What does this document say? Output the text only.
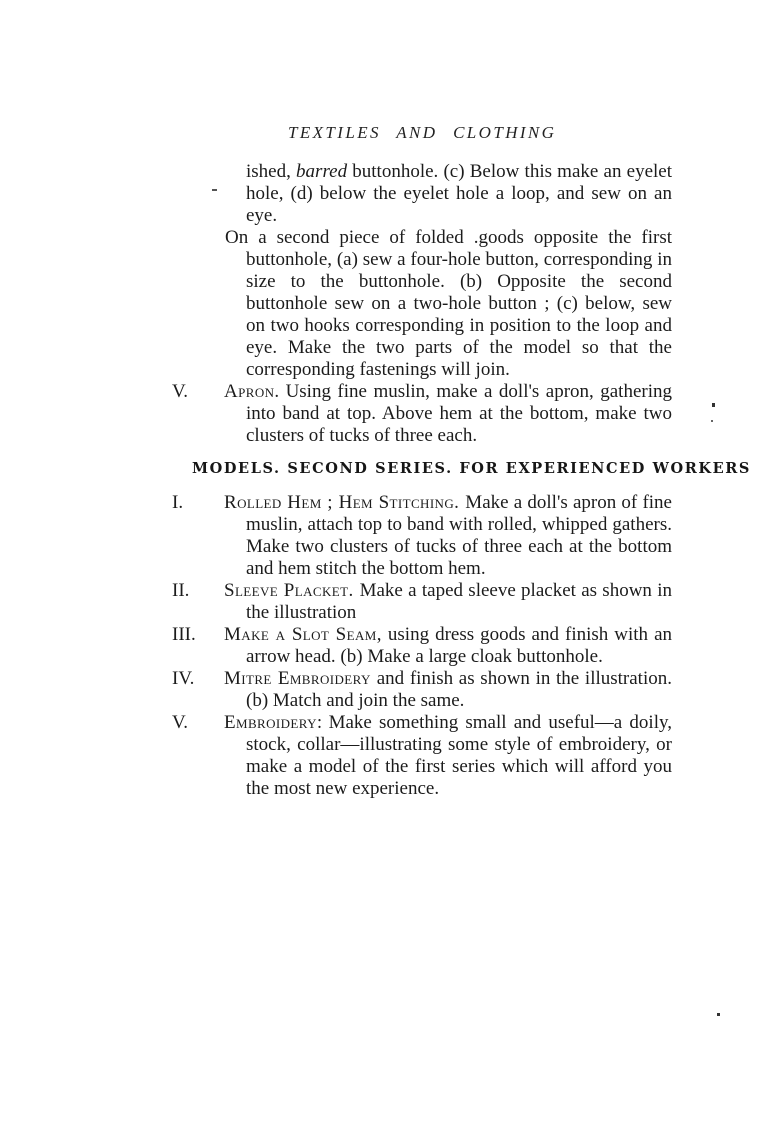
TEXTILES AND CLOTHING

ished, barred buttonhole. (c) Below this make an eyelet hole, (d) below the eyelet hole a loop, and sew on an eye.

On a second piece of folded .goods opposite the first buttonhole, (a) sew a four-hole button, corresponding in size to the buttonhole. (b) Opposite the second buttonhole sew on a two-hole button ; (c) below, sew on two hooks corresponding in position to the loop and eye. Make the two parts of the model so that the corresponding fastenings will join.

V. Apron. Using fine muslin, make a doll's apron, gathering into band at top. Above hem at the bottom, make two clusters of tucks of three each.
MODELS. SECOND SERIES. FOR EXPERIENCED WORKERS
I. Rolled Hem ; Hem Stitching. Make a doll's apron of fine muslin, attach top to band with rolled, whipped gathers. Make two clusters of tucks of three each at the bottom and hem stitch the bottom hem.
II. Sleeve Placket. Make a taped sleeve placket as shown in the illustration
III. Make a Slot Seam, using dress goods and finish with an arrow head. (b) Make a large cloak buttonhole.
IV. Mitre Embroidery and finish as shown in the illustration. (b) Match and join the same.
V. Embroidery: Make something small and useful—a doily, stock, collar—illustrating some style of embroidery, or make a model of the first series which will afford you the most new experience.
